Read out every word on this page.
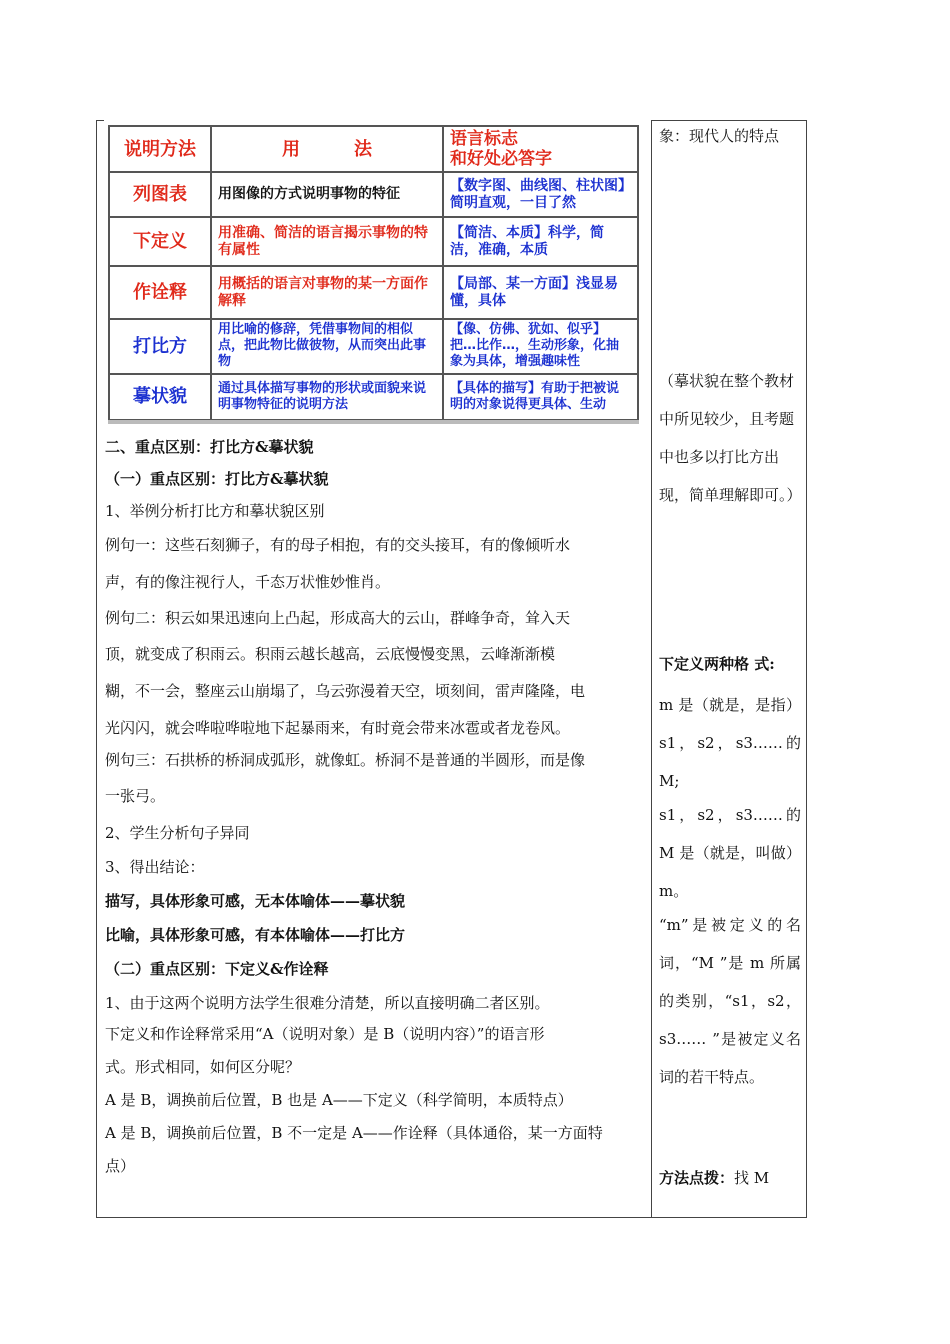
说明方法	用　　　法	语言标志
和好处必答字
列图表	用图像的方式说明事物的特征	【数字图、曲线图、柱状图】简明直观，一目了然
下定义	用准确、简洁的语言揭示事物的特有属性	【简洁、本质】科学，简洁，准确，本质
作诠释	用概括的语言对事物的某一方面作解释	【局部、某一方面】浅显易懂，具体
打比方	用比喻的修辞，凭借事物间的相似点，把此物比做彼物，从而突出此事物	【像、仿佛、犹如、似乎】把…比作…，生动形象，化抽象为具体，增强趣味性
摹状貌	通过具体描写事物的形状或面貌来说明事物特征的说明方法	【具体的描写】有助于把被说明的对象说得更具体、生动

二、重点区别：打比方&摹状貌

（一）重点区别：打比方&摹状貌

1、举例分析打比方和摹状貌区别

例句一：这些石刻狮子，有的母子相抱，有的交头接耳，有的像倾听水

声，有的像注视行人，千态万状惟妙惟肖。

例句二：积云如果迅速向上凸起，形成高大的云山，群峰争奇，耸入天

顶，就变成了积雨云。积雨云越长越高，云底慢慢变黑，云峰渐渐模

糊，不一会，整座云山崩塌了，乌云弥漫着天空，顷刻间，雷声隆隆，电

光闪闪，就会哗啦哗啦地下起暴雨来，有时竟会带来冰雹或者龙卷风。

例句三：石拱桥的桥洞成弧形，就像虹。桥洞不是普通的半圆形，而是像

一张弓。

2、学生分析句子异同

3、得出结论：

描写，具体形象可感，无本体喻体——摹状貌

比喻，具体形象可感，有本体喻体——打比方

（二）重点区别：下定义&作诠释

1、由于这两个说明方法学生很难分清楚，所以直接明确二者区别。

下定义和作诠释常采用“A（说明对象）是 B（说明内容）”的语言形

式。形式相同，如何区分呢？

A 是 B，调换前后位置，B 也是 A——下定义（科学简明，本质特点）

A 是 B，调换前后位置，B 不一定是 A——作诠释（具体通俗，某一方面特

点）

象：现代人的特点
（摹状貌在整个教材中所见较少，且考题中也多以打比方出现，简单理解即可。）
下定义两种格 式:
m 是（就是，是指）s1，s2，s3……的 M;
s1，s2，s3……的 M 是（就是，叫做）m。
“m”是被定义的名词，“M ”是 m 所属的类别，“s1，s2，s3…… ”是被定义名词的若干特点。
方法点拨：找 M
